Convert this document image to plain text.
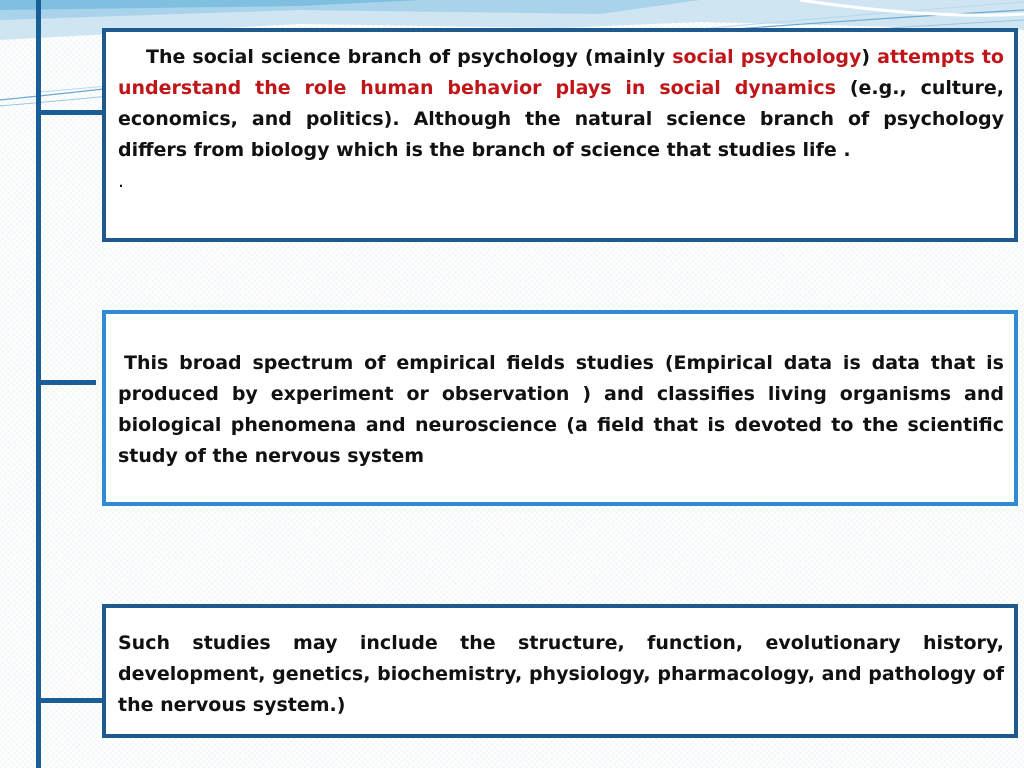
The social science branch of psychology (mainly social psychology) attempts to understand the role human behavior plays in social dynamics (e.g., culture, economics, and politics). Although the natural science branch of psychology differs from biology which is the branch of science that studies life .
.
This broad spectrum of empirical fields studies (Empirical data is data that is produced by experiment or observation ) and classifies living organisms and biological phenomena and neuroscience (a field that is devoted to the scientific study of the nervous system
Such studies may include the structure, function, evolutionary history, development, genetics, biochemistry, physiology, pharmacology, and pathology of the nervous system.)
